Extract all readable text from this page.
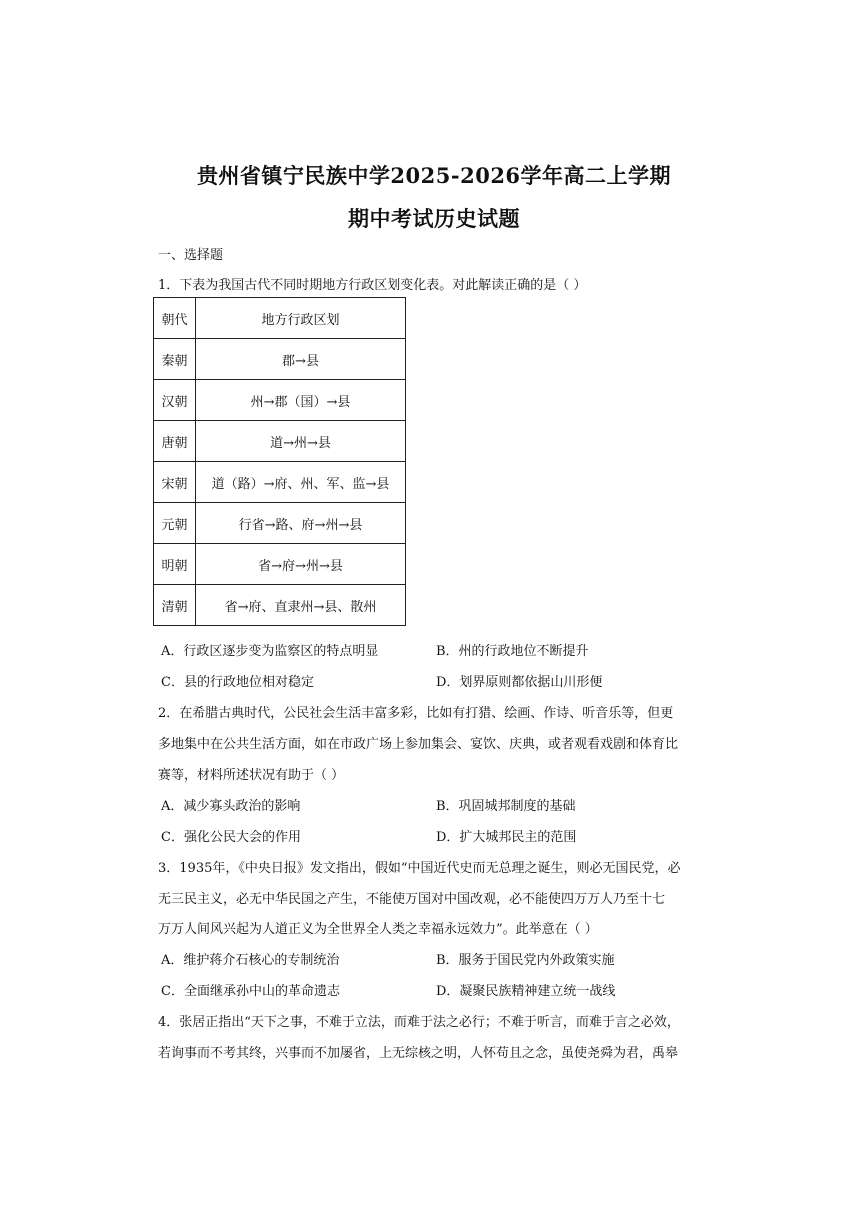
贵州省镇宁民族中学2025-2026学年高二上学期
期中考试历史试题
一、选择题
1．下表为我国古代不同时期地方行政区划变化表。对此解读正确的是（ ）
朝代	地方行政区划
秦朝	郡→县
汉朝	州→郡（国）→县
唐朝	道→州→县
宋朝	道（路）→府、州、军、监→县
元朝	行省→路、府→州→县
明朝	省→府→州→县
清朝	省→府、直隶州→县、散州
A．行政区逐步变为监察区的特点明显	B．州的行政地位不断提升
C．县的行政地位相对稳定	D．划界原则都依据山川形便
2．在希腊古典时代，公民社会生活丰富多彩，比如有打猎、绘画、作诗、听音乐等，但更
多地集中在公共生活方面，如在市政广场上参加集会、宴饮、庆典，或者观看戏剧和体育比
赛等，材料所述状况有助于（ ）
A．减少寡头政治的影响	B．巩固城邦制度的基础
C．强化公民大会的作用	D．扩大城邦民主的范围
3．1935年，《中央日报》发文指出，假如“中国近代史而无总理之诞生，则必无国民党，必
无三民主义，必无中华民国之产生，不能使万国对中国改观，必不能使四万万人乃至十七
万万人间风兴起为人道正义为全世界全人类之幸福永远效力”。此举意在（ ）
A．维护蒋介石核心的专制统治	B．服务于国民党内外政策实施
C．全面继承孙中山的革命遗志	D．凝聚民族精神建立统一战线
4．张居正指出“天下之事，不难于立法，而难于法之必行；不难于听言，而难于言之必效，
若询事而不考其终，兴事而不加屡省，上无综核之明，人怀苟且之念，虽使尧舜为君，禹皋
